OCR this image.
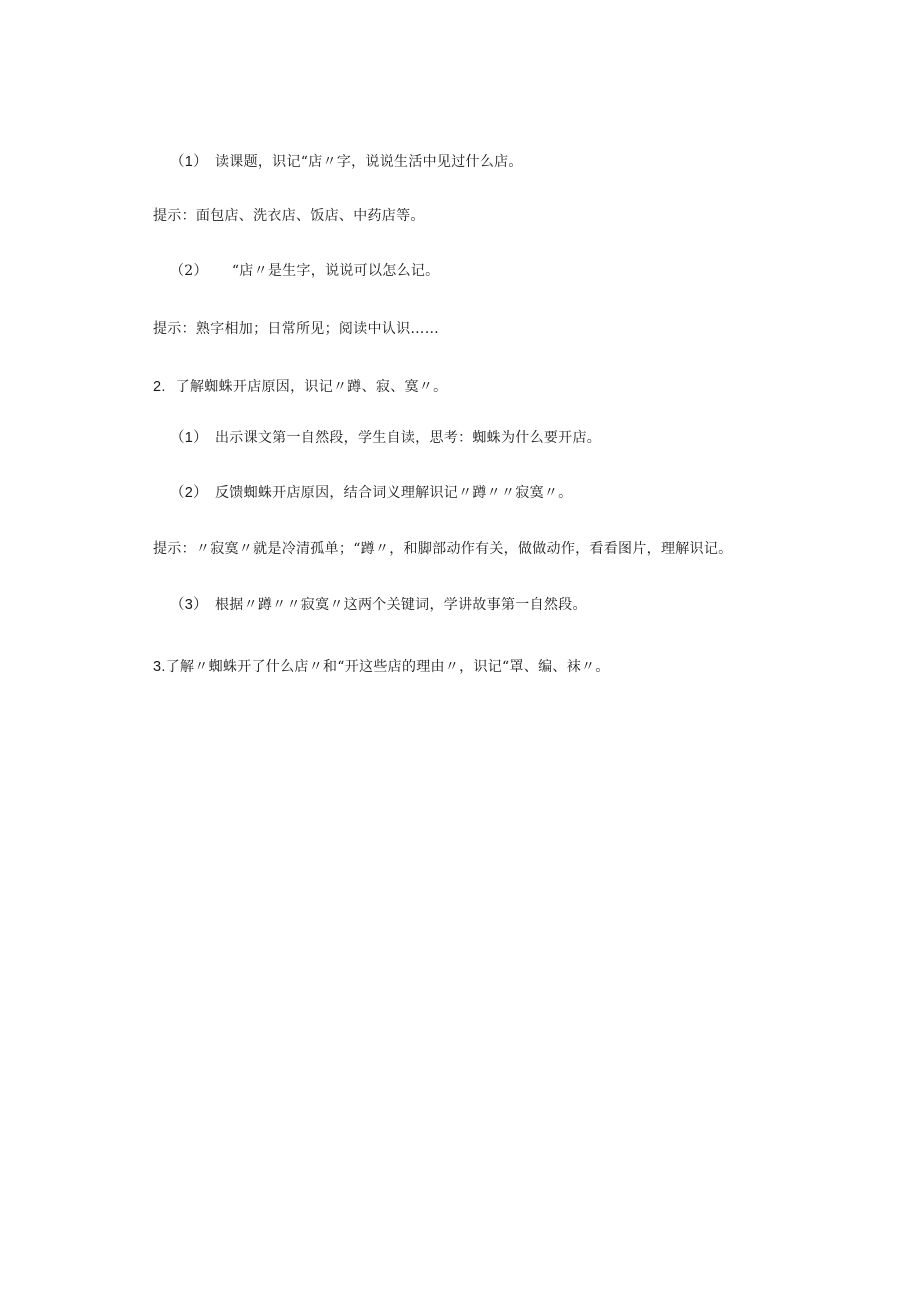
（1） 读课题，识记“店〃字，说说生活中见过什么店。
提示：面包店、洗衣店、饭店、中药店等。
（2） “店〃是生字，说说可以怎么记。
提示：熟字相加；日常所见；阅读中认识……
2. 了解蜘蛛开店原因，识记〃蹲、寂、寞〃。
（1） 出示课文第一自然段，学生自读，思考：蜘蛛为什么要开店。
（2） 反馈蜘蛛开店原因，结合词义理解识记〃蹲〃〃寂寞〃。
提示：〃寂寞〃就是冷清孤单；“蹲〃，和脚部动作有关，做做动作，看看图片，理解识记。
（3） 根据〃蹲〃〃寂寞〃这两个关键词，学讲故事第一自然段。
3.了解〃蜘蛛开了什么店〃和“开这些店的理由〃，识记“罩、编、袜〃。
